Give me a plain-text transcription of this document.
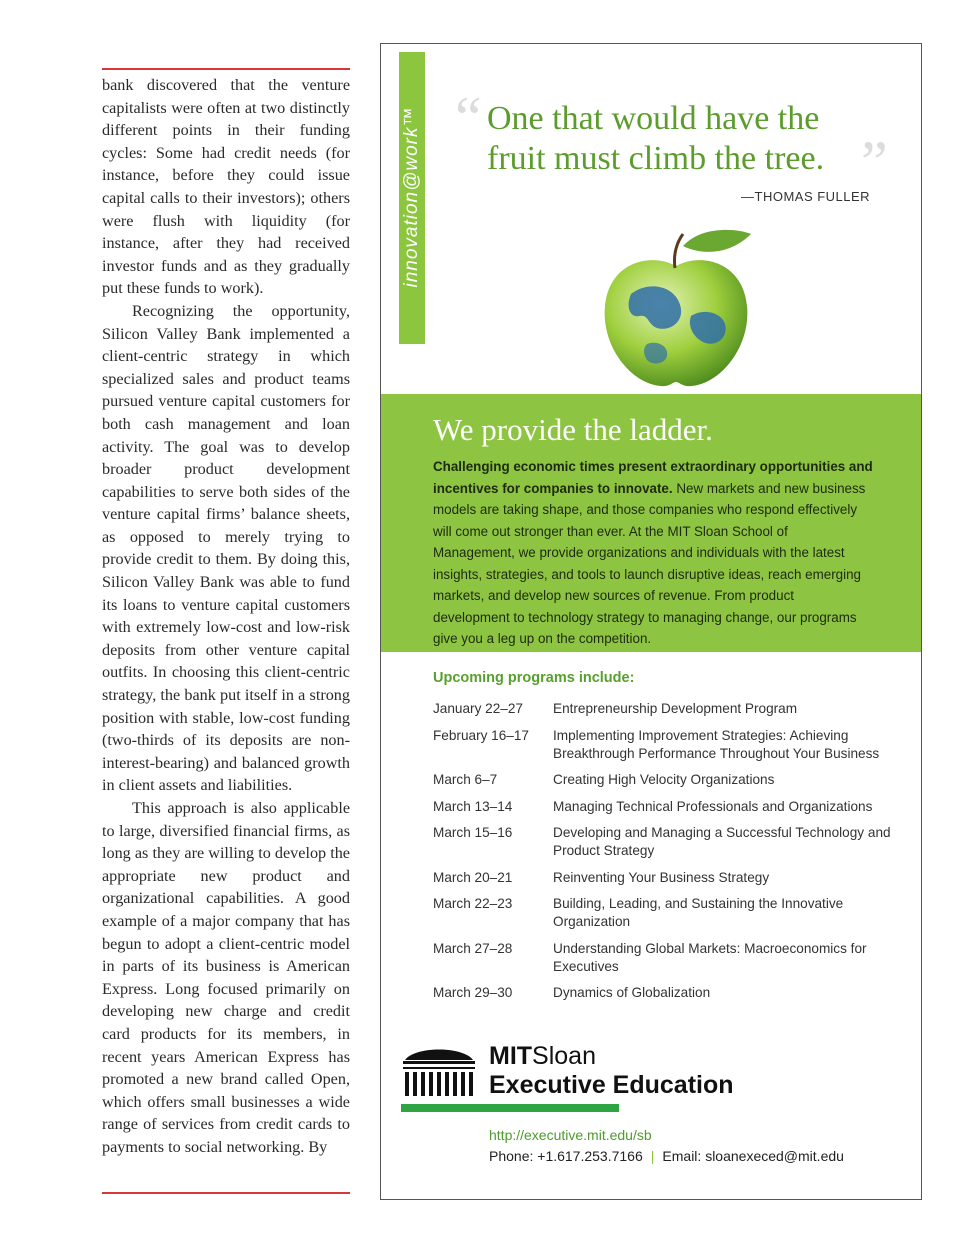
bank discovered that the venture capitalists were often at two distinctly different points in their funding cycles: Some had credit needs (for instance, before they could issue capital calls to their investors); others were flush with liquidity (for instance, after they had received investor funds and as they gradually put these funds to work).

Recognizing the opportunity, Silicon Valley Bank implemented a client-centric strategy in which specialized sales and product teams pursued venture capital customers for both cash management and loan activity. The goal was to develop broader product development capabilities to serve both sides of the venture capital firms’ balance sheets, as opposed to merely trying to provide credit to them. By doing this, Silicon Valley Bank was able to fund its loans to venture capital customers with extremely low-cost and low-risk deposits from other venture capital outfits. In choosing this client-centric strategy, the bank put itself in a strong position with stable, low-cost funding (two-thirds of its deposits are non-interest-bearing) and balanced growth in client assets and liabilities.

This approach is also applicable to large, diversified financial firms, as long as they are willing to develop the appropriate new product and organizational capabilities. A good example of a major company that has begun to adopt a client-centric model in parts of its business is American Express. Long focused primarily on developing new charge and credit card products for its members, in recent years American Express has promoted a new brand called Open, which offers small businesses a wide range of services from credit cards to payments to social networking. By

innovation@work™ “ One that would have the fruit must climb the tree. ”
—THOMAS FULLER

We provide the ladder.

Challenging economic times present extraordinary opportunities and incentives for companies to innovate. New markets and new business models are taking shape, and those companies who respond effectively will come out stronger than ever. At the MIT Sloan School of Management, we provide organizations and individuals with the latest insights, strategies, and tools to launch disruptive ideas, reach emerging markets, and develop new sources of revenue. From product development to technology strategy to managing change, our programs give you a leg up on the competition.

Upcoming programs include:

January 22–27	Entrepreneurship Development Program
February 16–17	Implementing Improvement Strategies: Achieving Breakthrough Performance Throughout Your Business
March 6–7	Creating High Velocity Organizations
March 13–14	Managing Technical Professionals and Organizations
March 15–16	Developing and Managing a Successful Technology and Product Strategy
March 20–21	Reinventing Your Business Strategy
March 22–23	Building, Leading, and Sustaining the Innovative Organization
March 27–28	Understanding Global Markets: Macroeconomics for Executives
March 29–30	Dynamics of Globalization
MITSloan
Executive Education
http://executive.mit.edu/sb
Phone: +1.617.253.7166 | Email: sloanexeced@mit.edu
